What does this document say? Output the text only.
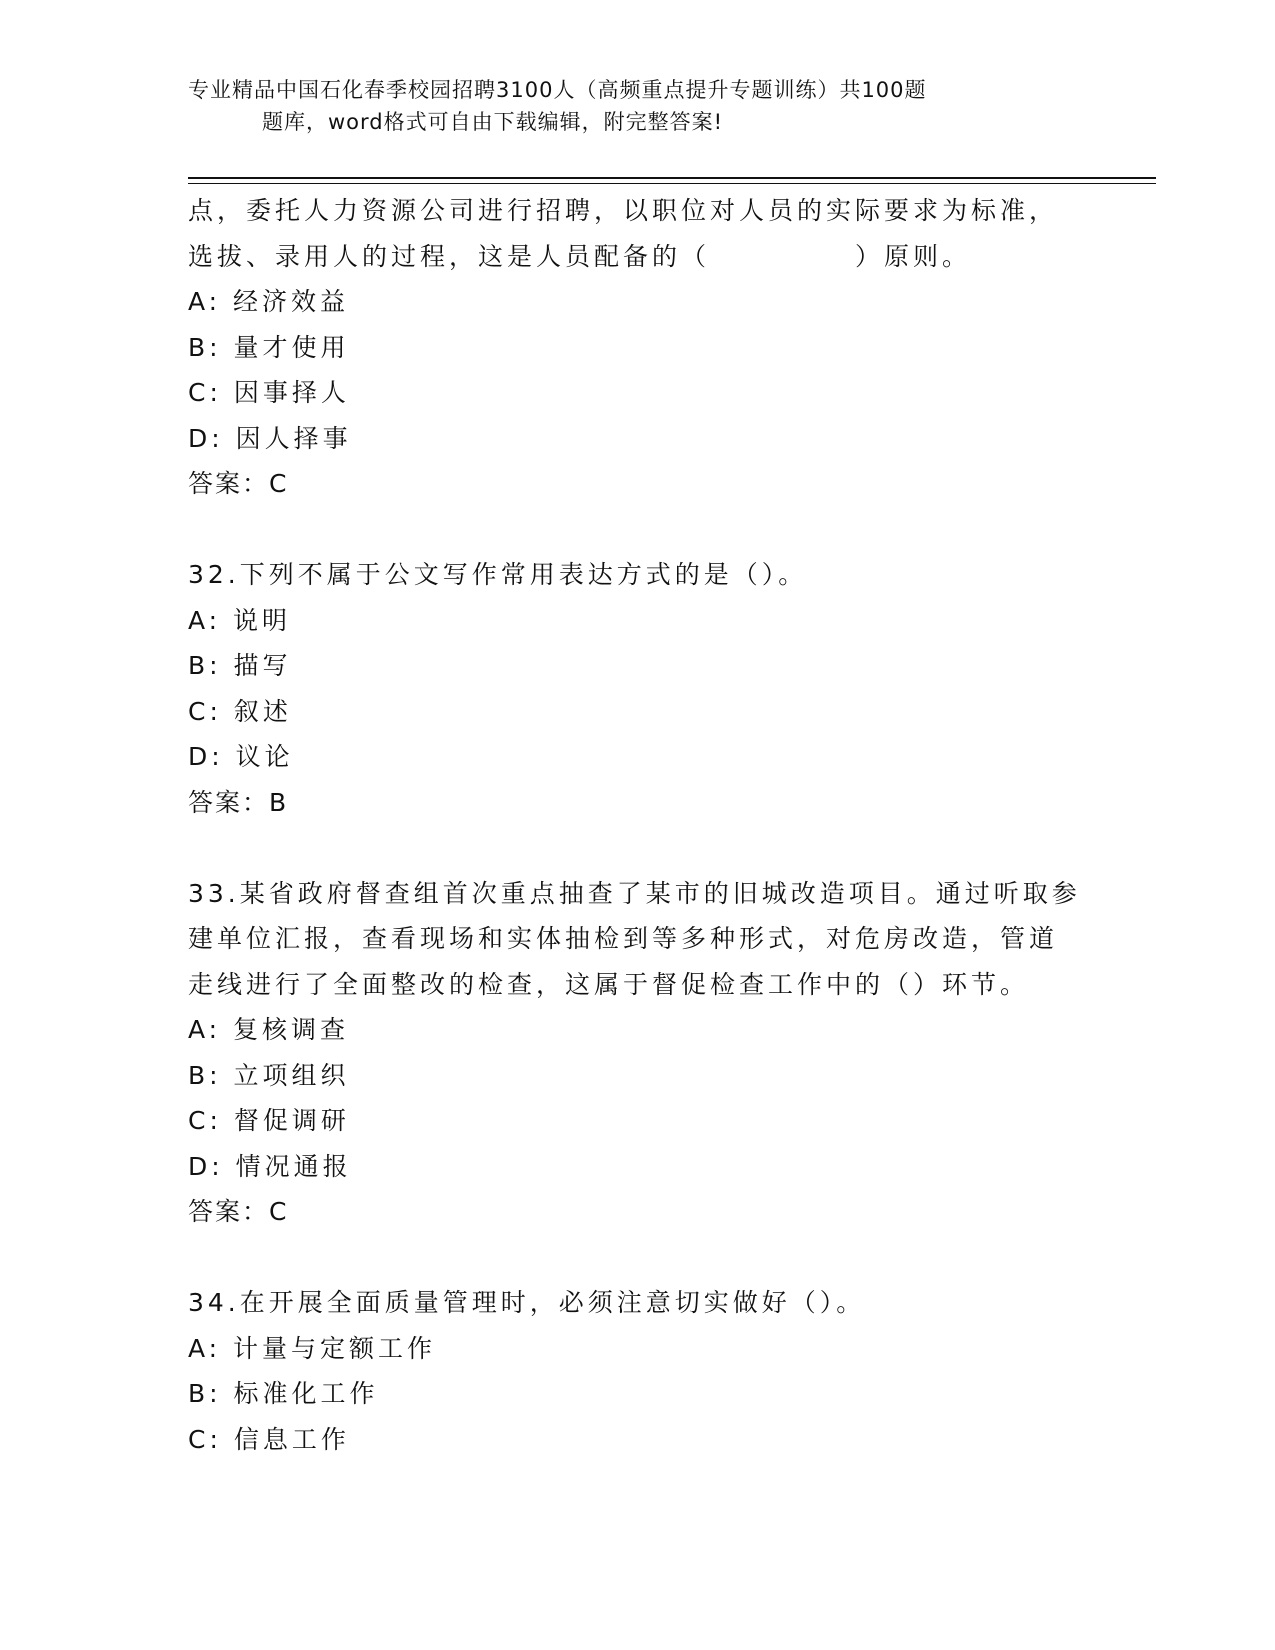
专业精品中国石化春季校园招聘3100人（高频重点提升专题训练）共100题
题库，word格式可自由下载编辑，附完整答案!
点，委托人力资源公司进行招聘，以职位对人员的实际要求为标准，
选拔、录用人的过程，这是人员配备的（　　　　　）原则。
A: 经济效益
B: 量才使用
C: 因事择人
D: 因人择事
答案：C
32.下列不属于公文写作常用表达方式的是（）。
A: 说明
B: 描写
C: 叙述
D: 议论
答案：B
33.某省政府督查组首次重点抽查了某市的旧城改造项目。通过听取参
建单位汇报，查看现场和实体抽检到等多种形式，对危房改造，管道
走线进行了全面整改的检查，这属于督促检查工作中的（）环节。
A: 复核调查
B: 立项组织
C: 督促调研
D: 情况通报
答案：C
34.在开展全面质量管理时，必须注意切实做好（）。
A: 计量与定额工作
B: 标准化工作
C: 信息工作
